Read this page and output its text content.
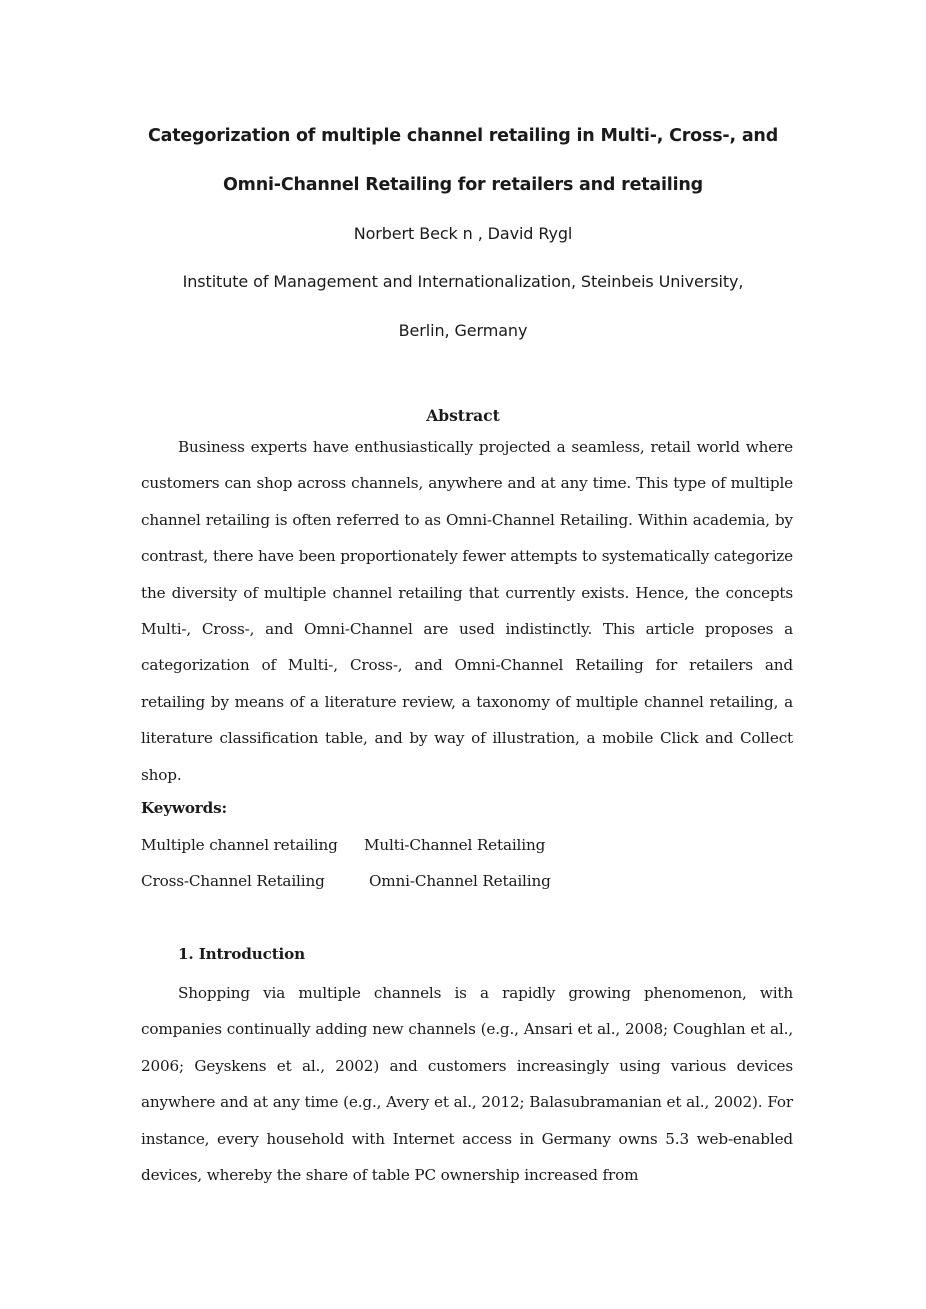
Categorization of multiple channel retailing in Multi-, Cross-, and
Omni-Channel Retailing for retailers and retailing
Norbert Beck n , David Rygl
Institute of Management and Internationalization, Steinbeis University,
Berlin, Germany
Abstract

Business experts have enthusiastically projected a seamless, retail world where customers can shop across channels, anywhere and at any time. This type of multiple channel retailing is often referred to as Omni-Channel Retailing. Within academia, by contrast, there have been proportionately fewer attempts to systematically categorize the diversity of multiple channel retailing that currently exists. Hence, the concepts Multi-, Cross-, and Omni-Channel are used indistinctly. This article proposes a categorization of Multi-, Cross-, and Omni-Channel Retailing for retailers and retailing by means of a literature review, a taxonomy of multiple channel retailing, a literature classification table, and by way of illustration, a mobile Click and Collect shop.

Keywords:
Multiple channel retailing Multi-Channel Retailing
Cross-Channel Retailing	Omni-Channel Retailing
1. Introduction

Shopping via multiple channels is a rapidly growing phenomenon, with companies continually adding new channels (e.g., Ansari et al., 2008; Coughlan et al., 2006; Geyskens et al., 2002) and customers increasingly using various devices anywhere and at any time (e.g., Avery et al., 2012; Balasubramanian et al., 2002). For instance, every household with Internet access in Germany owns 5.3 web-enabled devices, whereby the share of table PC ownership increased from
